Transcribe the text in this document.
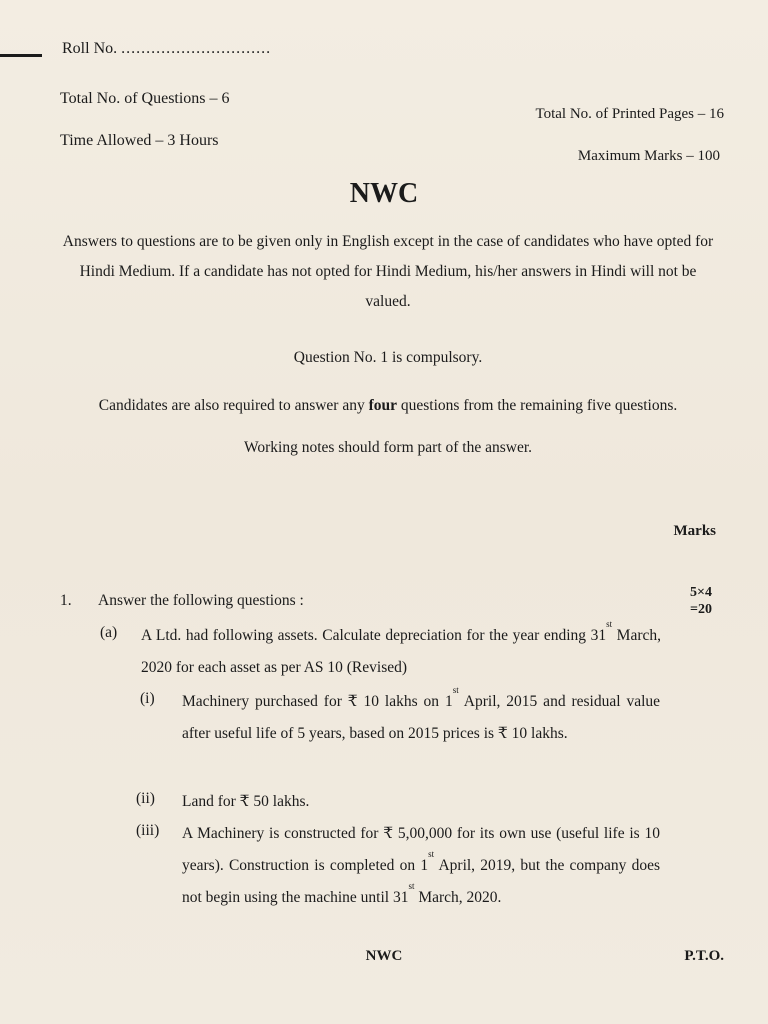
Roll No. ..............................
Total No. of Questions – 6
Time Allowed – 3 Hours
Total No. of Printed Pages – 16
Maximum Marks – 100
NWC
Answers to questions are to be given only in English except in the case of candidates who have opted for Hindi Medium. If a candidate has not opted for Hindi Medium, his/her answers in Hindi will not be valued.
Question No. 1 is compulsory.
Candidates are also required to answer any four questions from the remaining five questions.
Working notes should form part of the answer.
Marks
1. Answer the following questions :	5×4
=20
(a) A Ltd. had following assets. Calculate depreciation for the year ending 31st March, 2020 for each asset as per AS 10 (Revised)
(i) Machinery purchased for ₹ 10 lakhs on 1st April, 2015 and residual value after useful life of 5 years, based on 2015 prices is ₹ 10 lakhs.
(ii) Land for ₹ 50 lakhs.
(iii) A Machinery is constructed for ₹ 5,00,000 for its own use (useful life is 10 years). Construction is completed on 1st April, 2019, but the company does not begin using the machine until 31st March, 2020.
NWC	P.T.O.
